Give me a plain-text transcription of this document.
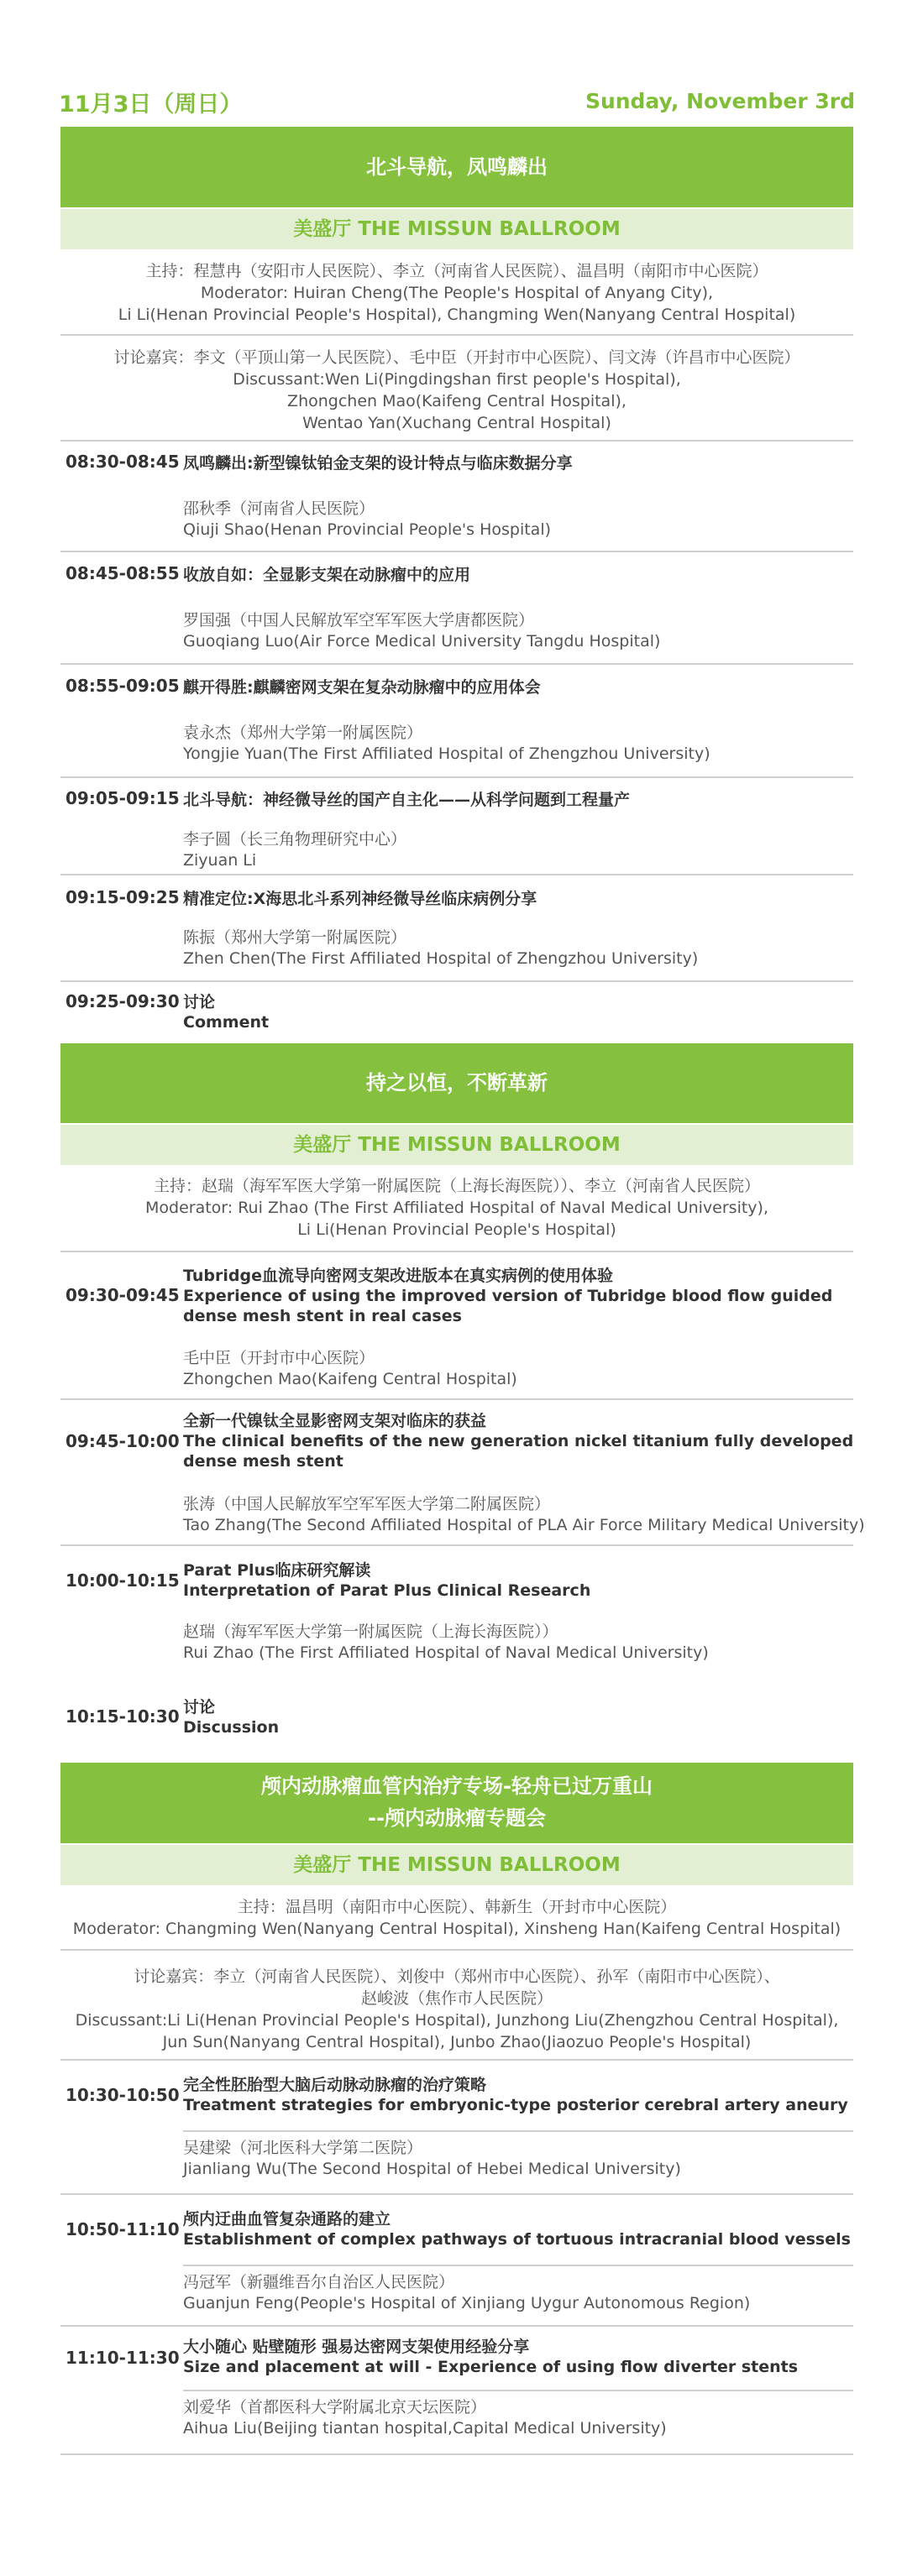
11月3日（周日）	Sunday, November 3rd
北斗导航，凤鸣麟出
美盛厅 THE MISSUN BALLROOM
主持：程慧冉（安阳市人民医院）、李立（河南省人民医院）、温昌明（南阳市中心医院）
Moderator: Huiran Cheng(The People's Hospital of Anyang City),
Li Li(Henan Provincial People's Hospital), Changming Wen(Nanyang Central Hospital)
讨论嘉宾：李文（平顶山第一人民医院）、毛中臣（开封市中心医院）、闫文涛（许昌市中心医院）
Discussant:Wen Li(Pingdingshan first people's Hospital),
Zhongchen Mao(Kaifeng Central Hospital),
Wentao Yan(Xuchang Central Hospital)
08:30-08:45 凤鸣麟出:新型镍钛铂金支架的设计特点与临床数据分享
邵秋季（河南省人民医院）
Qiuji Shao(Henan Provincial People's Hospital)
08:45-08:55 收放自如：全显影支架在动脉瘤中的应用
罗国强（中国人民解放军空军军医大学唐都医院）
Guoqiang Luo(Air Force Medical University Tangdu Hospital)
08:55-09:05 麒开得胜:麒麟密网支架在复杂动脉瘤中的应用体会
袁永杰（郑州大学第一附属医院）
Yongjie Yuan(The First Affiliated Hospital of Zhengzhou University)
09:05-09:15 北斗导航：神经微导丝的国产自主化——从科学问题到工程量产
李子圆（长三角物理研究中心）
Ziyuan Li
09:15-09:25 精准定位:X海思北斗系列神经微导丝临床病例分享
陈振（郑州大学第一附属医院）
Zhen Chen(The First Affiliated Hospital of Zhengzhou University)
09:25-09:30 讨论
Comment
持之以恒，不断革新
美盛厅 THE MISSUN BALLROOM
主持：赵瑞（海军军医大学第一附属医院（上海长海医院））、李立（河南省人民医院）
Moderator: Rui Zhao (The First Affiliated Hospital of Naval Medical University),
Li Li(Henan Provincial People's Hospital)
09:30-09:45
Tubridge血流导向密网支架改进版本在真实病例的使用体验
Experience of using the improved version of Tubridge blood flow guided
dense mesh stent in real cases
毛中臣（开封市中心医院）
Zhongchen Mao(Kaifeng Central Hospital)
09:45-10:00
全新一代镍钛全显影密网支架对临床的获益
The clinical benefits of the new generation nickel titanium fully developed
dense mesh stent
张涛（中国人民解放军空军军医大学第二附属医院）
Tao Zhang(The Second Affiliated Hospital of PLA Air Force Military Medical University)
10:00-10:15 Parat Plus临床研究解读
Interpretation of Parat Plus Clinical Research
赵瑞（海军军医大学第一附属医院（上海长海医院））
Rui Zhao (The First Affiliated Hospital of Naval Medical University)
10:15-10:30 讨论
Discussion
颅内动脉瘤血管内治疗专场-轻舟已过万重山
--颅内动脉瘤专题会
美盛厅 THE MISSUN BALLROOM
主持：温昌明（南阳市中心医院）、韩新生（开封市中心医院）
Moderator: Changming Wen(Nanyang Central Hospital), Xinsheng Han(Kaifeng Central Hospital)
讨论嘉宾：李立（河南省人民医院）、刘俊中（郑州市中心医院）、孙军（南阳市中心医院）、
赵峻波（焦作市人民医院）
Discussant:Li Li(Henan Provincial People's Hospital), Junzhong Liu(Zhengzhou Central Hospital),
Jun Sun(Nanyang Central Hospital), Junbo Zhao(Jiaozuo People's Hospital)
10:30-10:50 完全性胚胎型大脑后动脉动脉瘤的治疗策略
Treatment strategies for embryonic-type posterior cerebral artery aneury
吴建梁（河北医科大学第二医院）
Jianliang Wu(The Second Hospital of Hebei Medical University)
10:50-11:10 颅内迂曲血管复杂通路的建立
Establishment of complex pathways of tortuous intracranial blood vessels
冯冠军（新疆维吾尔自治区人民医院）
Guanjun Feng(People's Hospital of Xinjiang Uygur Autonomous Region)
11:10-11:30
大小随心 贴壁随形 强易达密网支架使用经验分享
Size and placement at will - Experience of using flow diverter stents
刘爱华（首都医科大学附属北京天坛医院）
Aihua Liu(Beijing tiantan hospital,Capital Medical University)
